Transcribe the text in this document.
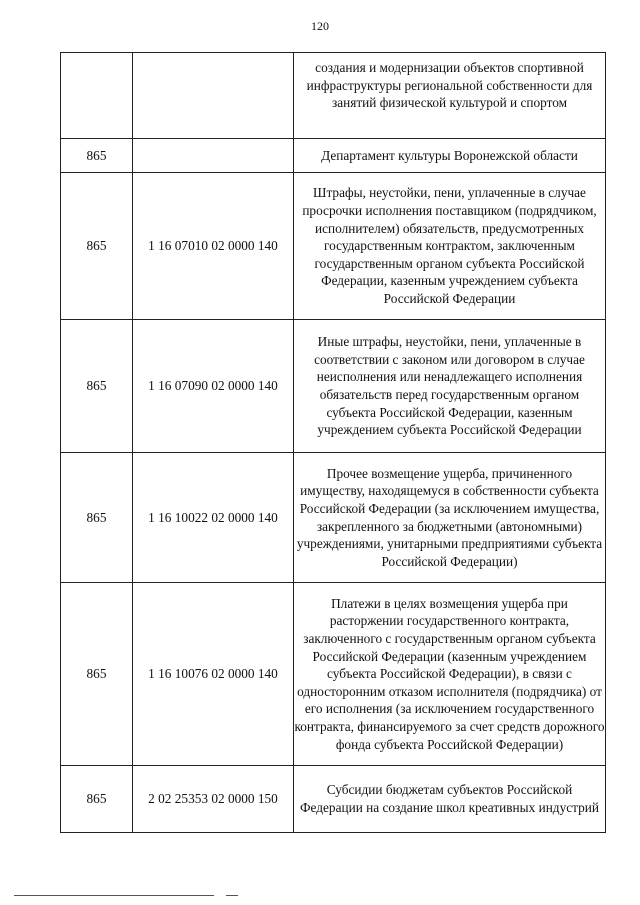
120
		создания и модернизации объектов спортивной инфраструктуры региональной собственности для занятий физической культурой и спортом
865		Департамент культуры Воронежской области
865	1 16 07010 02 0000 140	Штрафы, неустойки, пени, уплаченные в случае просрочки исполнения поставщиком (подрядчиком, исполнителем) обязательств, предусмотренных государственным контрактом, заключенным государственным органом субъекта Российской Федерации, казенным учреждением субъекта Российской Федерации
865	1 16 07090 02 0000 140	Иные штрафы, неустойки, пени, уплаченные в соответствии с законом или договором в случае неисполнения или ненадлежащего исполнения обязательств перед государственным органом субъекта Российской Федерации, казенным учреждением субъекта Российской Федерации
865	1 16 10022 02 0000 140	Прочее возмещение ущерба, причиненного имуществу, находящемуся в собственности субъекта Российской Федерации (за исключением имущества, закрепленного за бюджетными (автономными) учреждениями, унитарными предприятиями субъекта Российской Федерации)
865	1 16 10076 02 0000 140	Платежи в целях возмещения ущерба при расторжении государственного контракта, заключенного с государственным органом субъекта Российской Федерации (казенным учреждением субъекта Российской Федерации), в связи с односторонним отказом исполнителя (подрядчика) от его исполнения (за исключением государственного контракта, финансируемого за счет средств дорожного фонда субъекта Российской Федерации)
865	2 02 25353 02 0000 150	Субсидии бюджетам субъектов Российской Федерации на создание школ креативных индустрий
